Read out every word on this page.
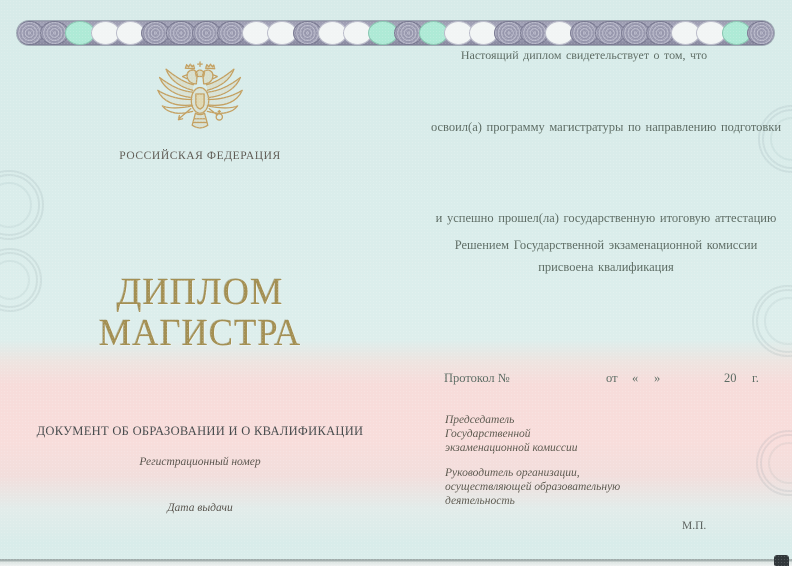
РОССИЙСКАЯ ФЕДЕРАЦИЯ
ДИПЛОМ
МАГИСТРА
ДОКУМЕНТ ОБ ОБРАЗОВАНИИ И О КВАЛИФИКАЦИИ
Регистрационный номер
Дата выдачи
Настоящий диплом свидетельствует о том, что
освоил(а) программу магистратуры по направлению подготовки
и успешно прошел(ла) государственную итоговую аттестацию
Решением Государственной экзаменационной комиссии
присвоена квалификация
Протокол №	от « »	20 г.
Председатель
Государственной
экзаменационной комиссии
Руководитель организации,
осуществляющей образовательную
деятельность
М.П.
